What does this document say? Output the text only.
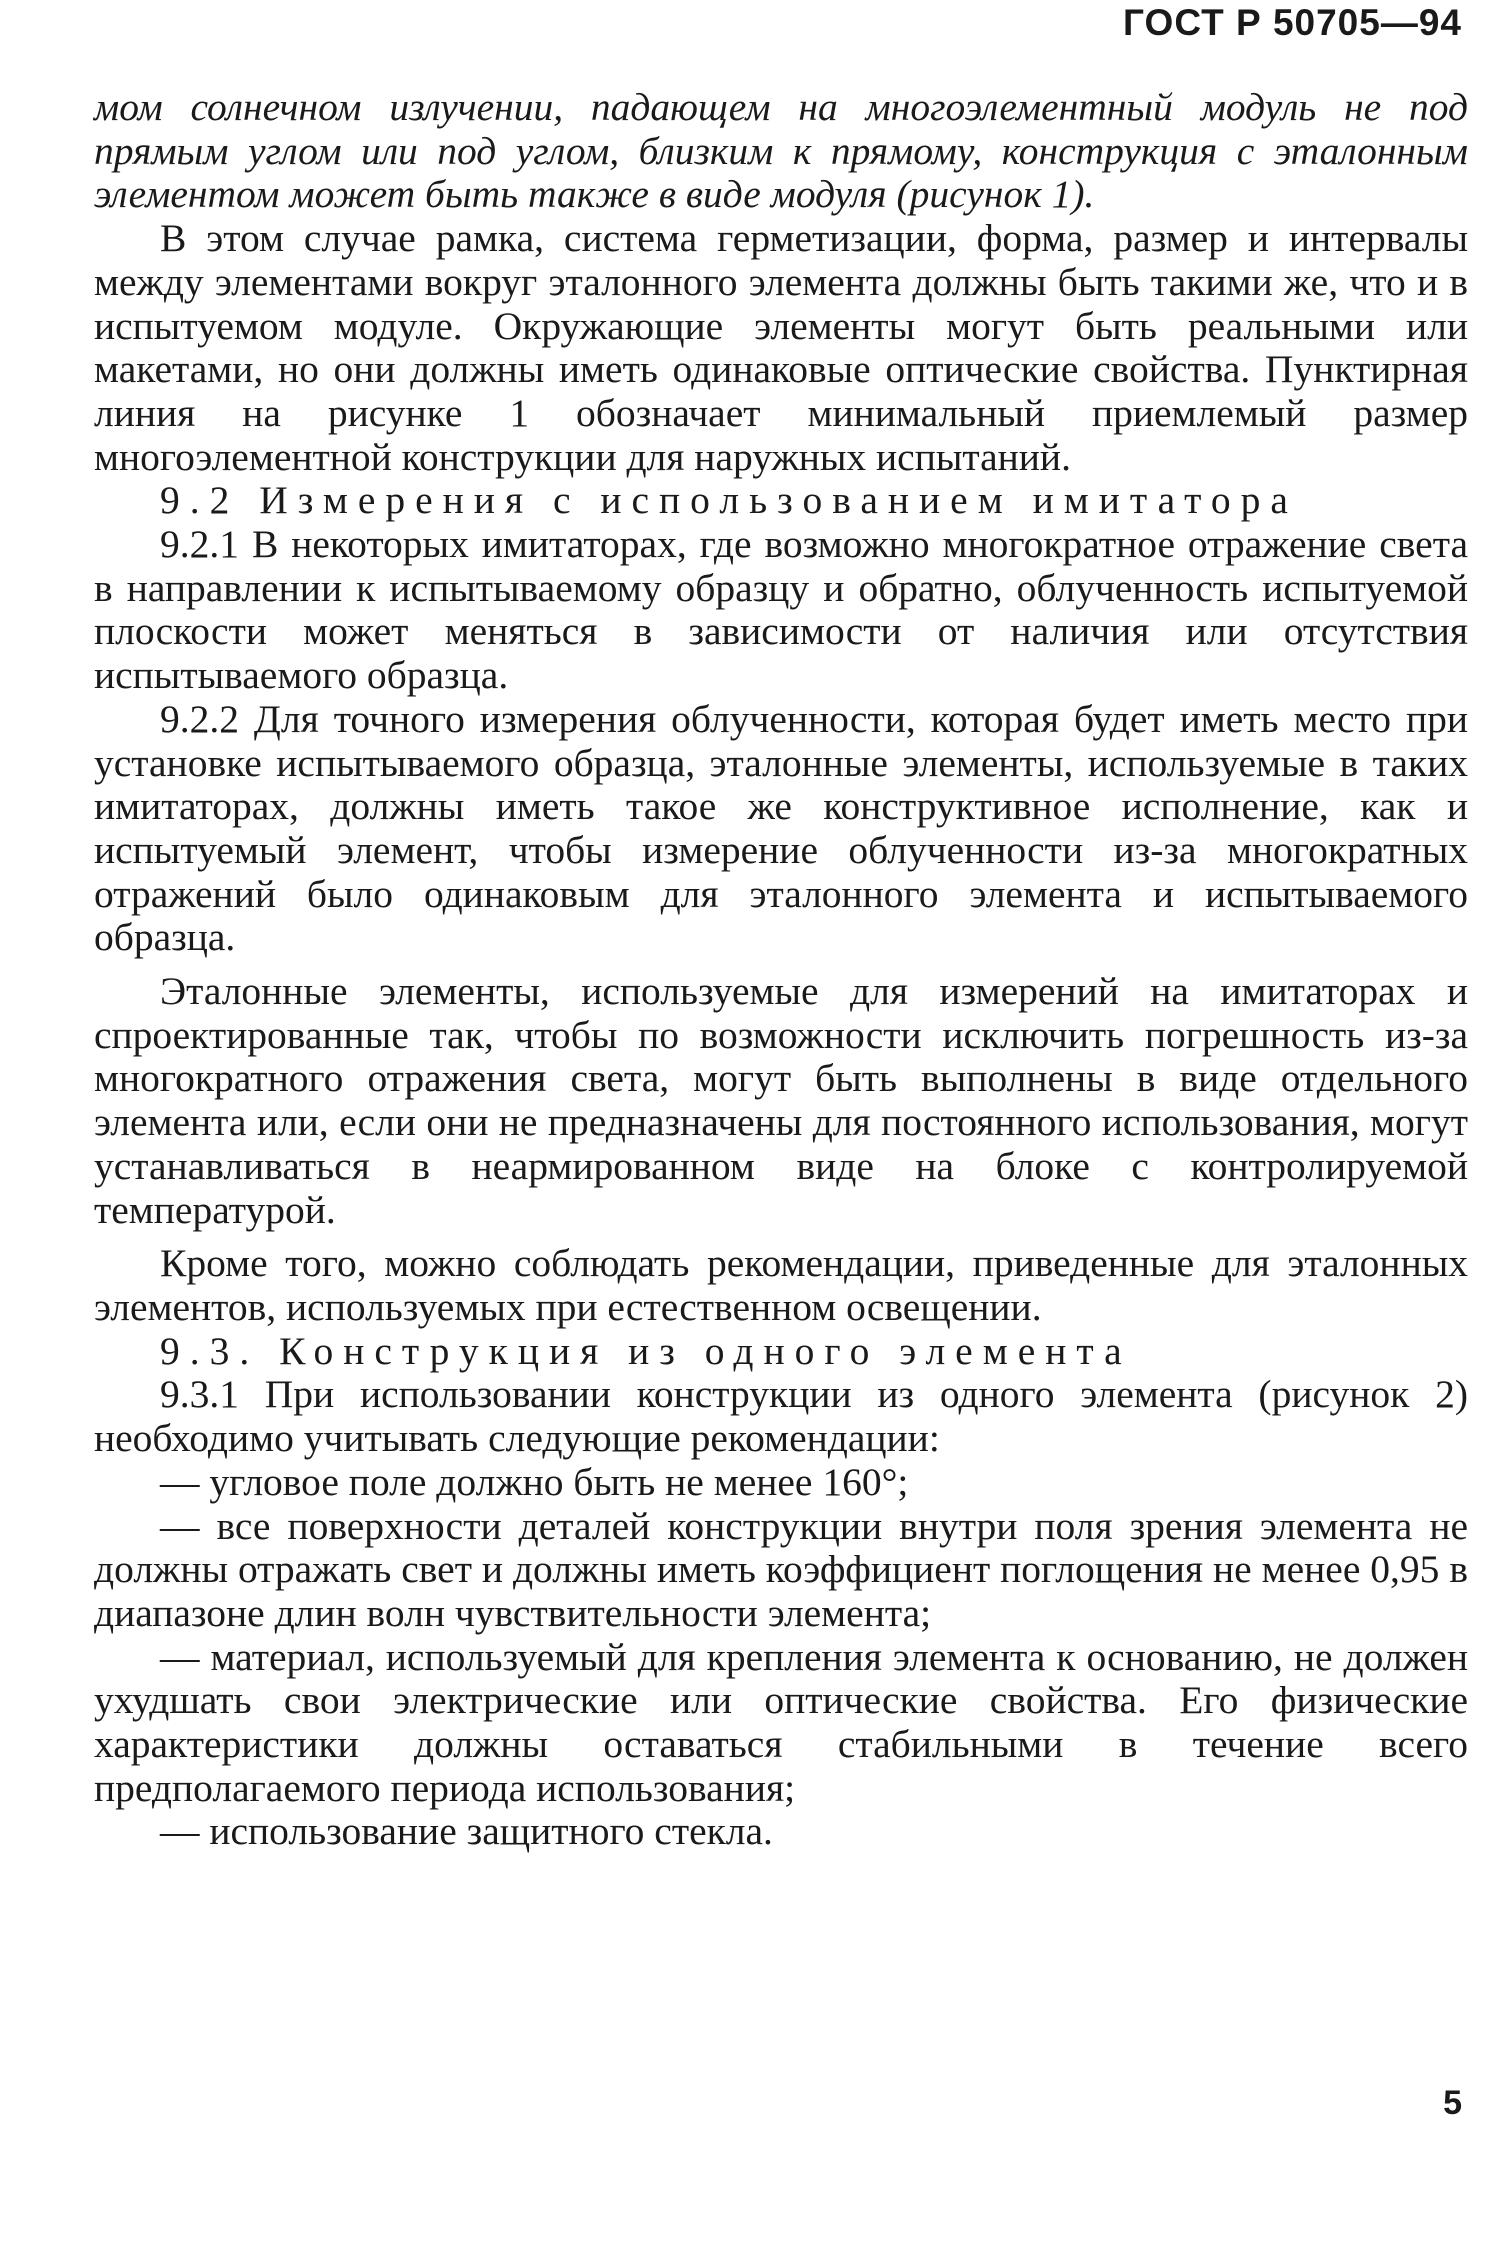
ГОСТ Р 50705—94

мом солнечном излучении, падающем на многоэлементный модуль не под прямым углом или под углом, близким к прямому, конструкция с эталонным элементом может быть также в виде модуля (рисунок 1).

В этом случае рамка, система герметизации, форма, размер и интервалы между элементами вокруг эталонного элемента должны быть такими же, что и в испытуемом модуле. Окружающие элементы могут быть реальными или макетами, но они должны иметь одинаковые оптические свойства. Пунктирная линия на рисунке 1 обозначает минимальный приемлемый размер многоэлементной конструкции для наружных испытаний.

9.2 Измерения с использованием имитатора

9.2.1 В некоторых имитаторах, где возможно многократное отражение света в направлении к испытываемому образцу и обратно, облученность испытуемой плоскости может меняться в зависимости от наличия или отсутствия испытываемого образца.

9.2.2 Для точного измерения облученности, которая будет иметь место при установке испытываемого образца, эталонные элементы, используемые в таких имитаторах, должны иметь такое же конструктивное исполнение, как и испытуемый элемент, чтобы измерение облученности из-за многократных отражений было одинаковым для эталонного элемента и испытываемого образца.

Эталонные элементы, используемые для измерений на имитаторах и спроектированные так, чтобы по возможности исключить погрешность из-за многократного отражения света, могут быть выполнены в виде отдельного элемента или, если они не предназначены для постоянного использования, могут устанавливаться в неармированном виде на блоке с контролируемой температурой.

Кроме того, можно соблюдать рекомендации, приведенные для эталонных элементов, используемых при естественном освещении.

9.3. Конструкция из одного элемента

9.3.1 При использовании конструкции из одного элемента (рисунок 2) необходимо учитывать следующие рекомендации:

— угловое поле должно быть не менее 160°;

— все поверхности деталей конструкции внутри поля зрения элемента не должны отражать свет и должны иметь коэффициент поглощения не менее 0,95 в диапазоне длин волн чувствительности элемента;

— материал, используемый для крепления элемента к основанию, не должен ухудшать свои электрические или оптические свойства. Его физические характеристики должны оставаться стабильными в течение всего предполагаемого периода использования;

— использование защитного стекла.

5
